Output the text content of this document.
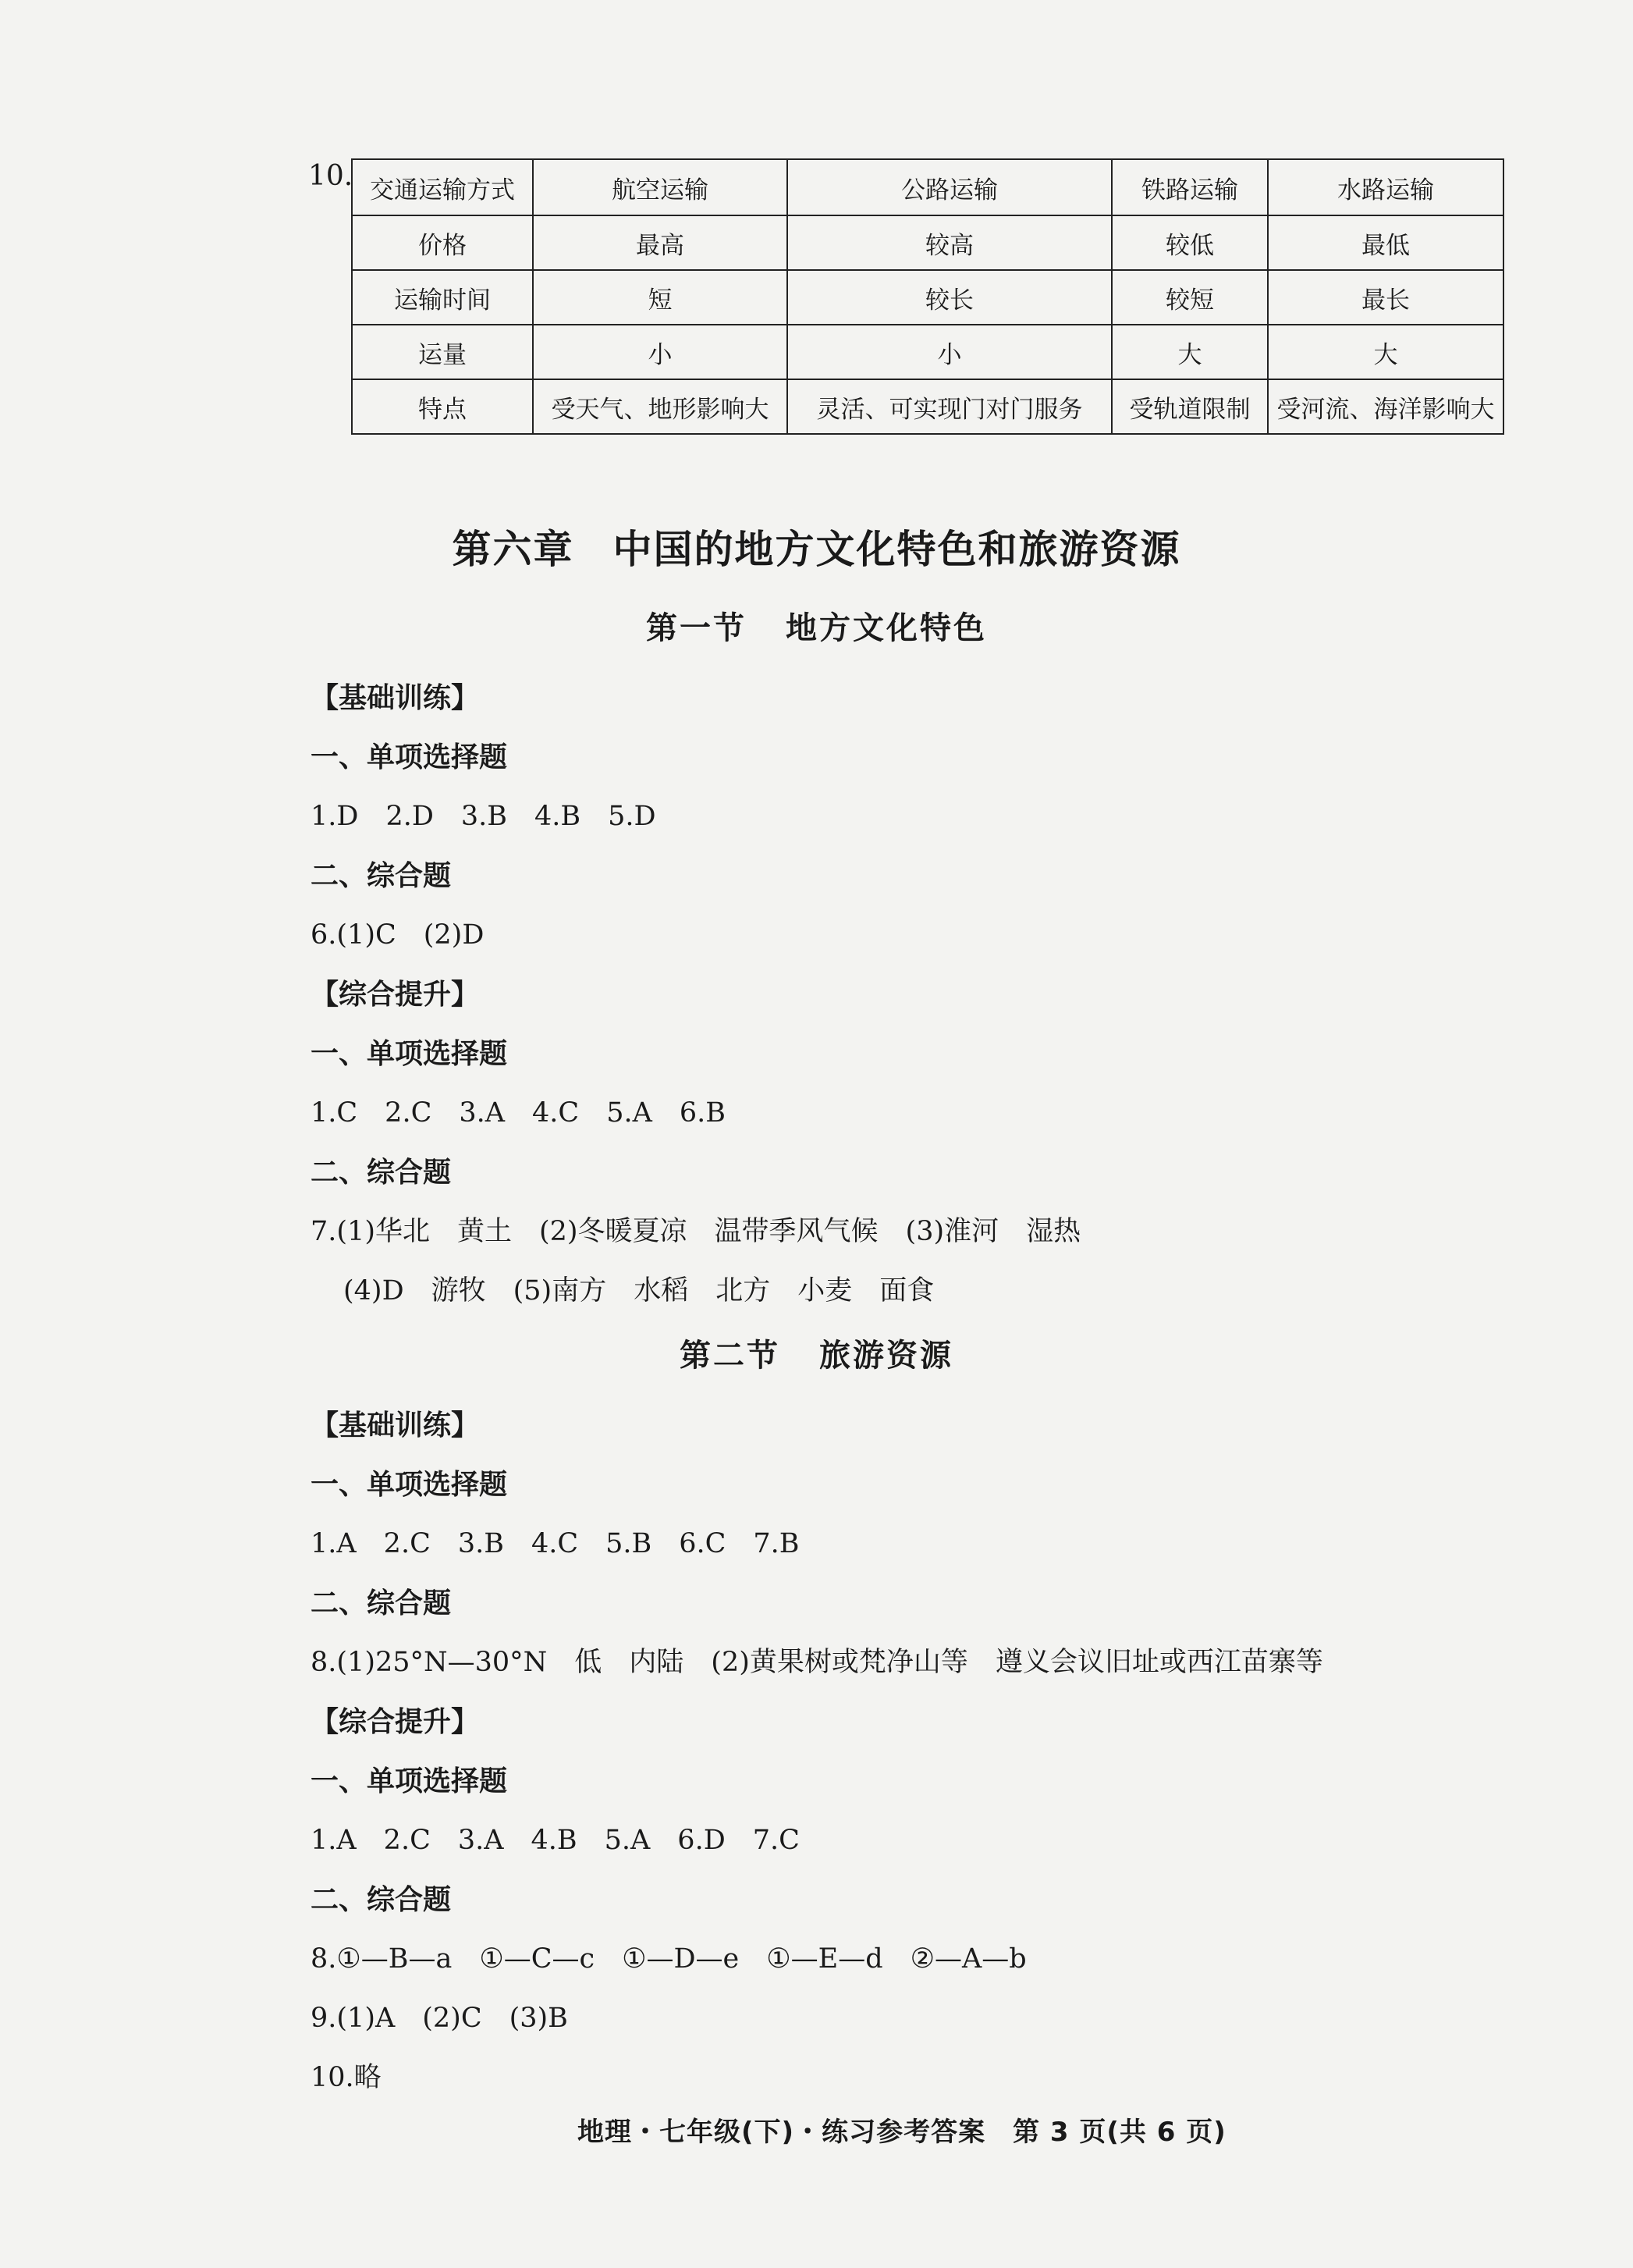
10. 交通运输方式	航空运输	公路运输	铁路运输	水路运输
价格	最高	较高	较低	最低
运输时间	短	较长	较短	最长
运量	小	小	大	大
特点	受天气、地形影响大	灵活、可实现门对门服务	受轨道限制	受河流、海洋影响大
第六章 中国的地方文化特色和旅游资源
第一节 地方文化特色
【基础训练】
一、单项选择题
1.D　2.D　3.B　4.B　5.D
二、综合题
6.(1)C　(2)D
【综合提升】
一、单项选择题
1.C　2.C　3.A　4.C　5.A　6.B
二、综合题
7.(1)华北　黄土　(2)冬暖夏凉　温带季风气候　(3)淮河　湿热
(4)D　游牧　(5)南方　水稻　北方　小麦　面食
第二节 旅游资源
【基础训练】
一、单项选择题
1.A　2.C　3.B　4.C　5.B　6.C　7.B
二、综合题
8.(1)25°N—30°N　低　内陆　(2)黄果树或梵净山等　遵义会议旧址或西江苗寨等
【综合提升】
一、单项选择题
1.A　2.C　3.A　4.B　5.A　6.D　7.C
二、综合题
8.①—B—a　①—C—c　①—D—e　①—E—d　②—A—b
9.(1)A　(2)C　(3)B
10.略
地理・七年级(下)・练习参考答案　第 3 页(共 6 页)
